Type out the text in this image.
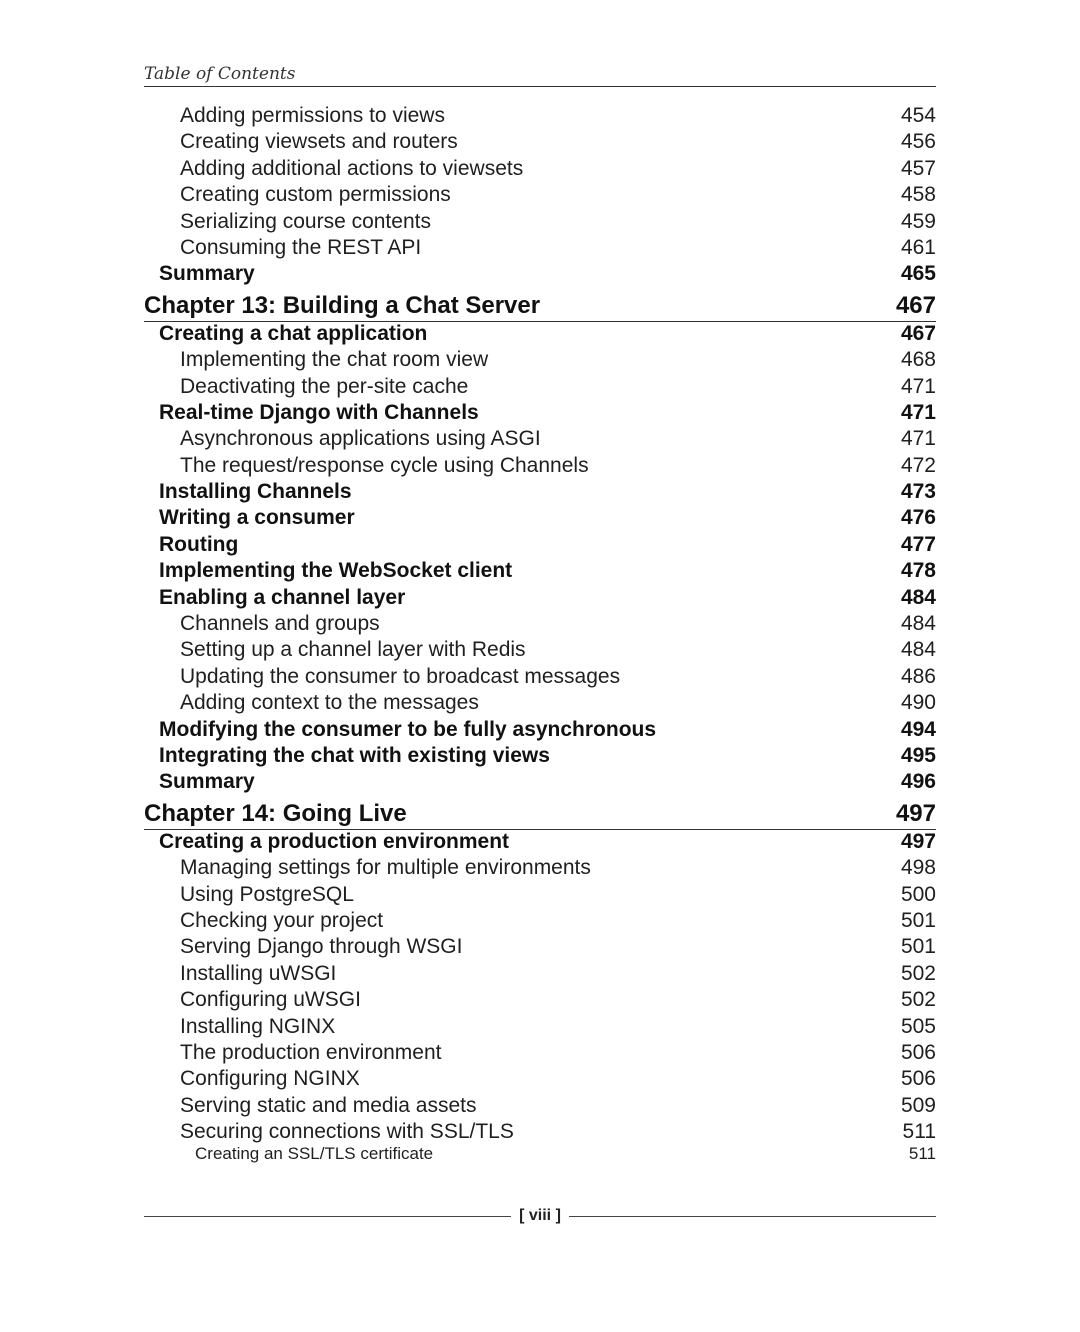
Table of Contents
Adding permissions to views	454
Creating viewsets and routers	456
Adding additional actions to viewsets	457
Creating custom permissions	458
Serializing course contents	459
Consuming the REST API	461
Summary	465
Chapter 13: Building a Chat Server	467
Creating a chat application	467
Implementing the chat room view	468
Deactivating the per-site cache	471
Real-time Django with Channels	471
Asynchronous applications using ASGI	471
The request/response cycle using Channels	472
Installing Channels	473
Writing a consumer	476
Routing	477
Implementing the WebSocket client	478
Enabling a channel layer	484
Channels and groups	484
Setting up a channel layer with Redis	484
Updating the consumer to broadcast messages	486
Adding context to the messages	490
Modifying the consumer to be fully asynchronous	494
Integrating the chat with existing views	495
Summary	496
Chapter 14: Going Live	497
Creating a production environment	497
Managing settings for multiple environments	498
Using PostgreSQL	500
Checking your project	501
Serving Django through WSGI	501
Installing uWSGI	502
Configuring uWSGI	502
Installing NGINX	505
The production environment	506
Configuring NGINX	506
Serving static and media assets	509
Securing connections with SSL/TLS	511
Creating an SSL/TLS certificate	511
[ viii ]
